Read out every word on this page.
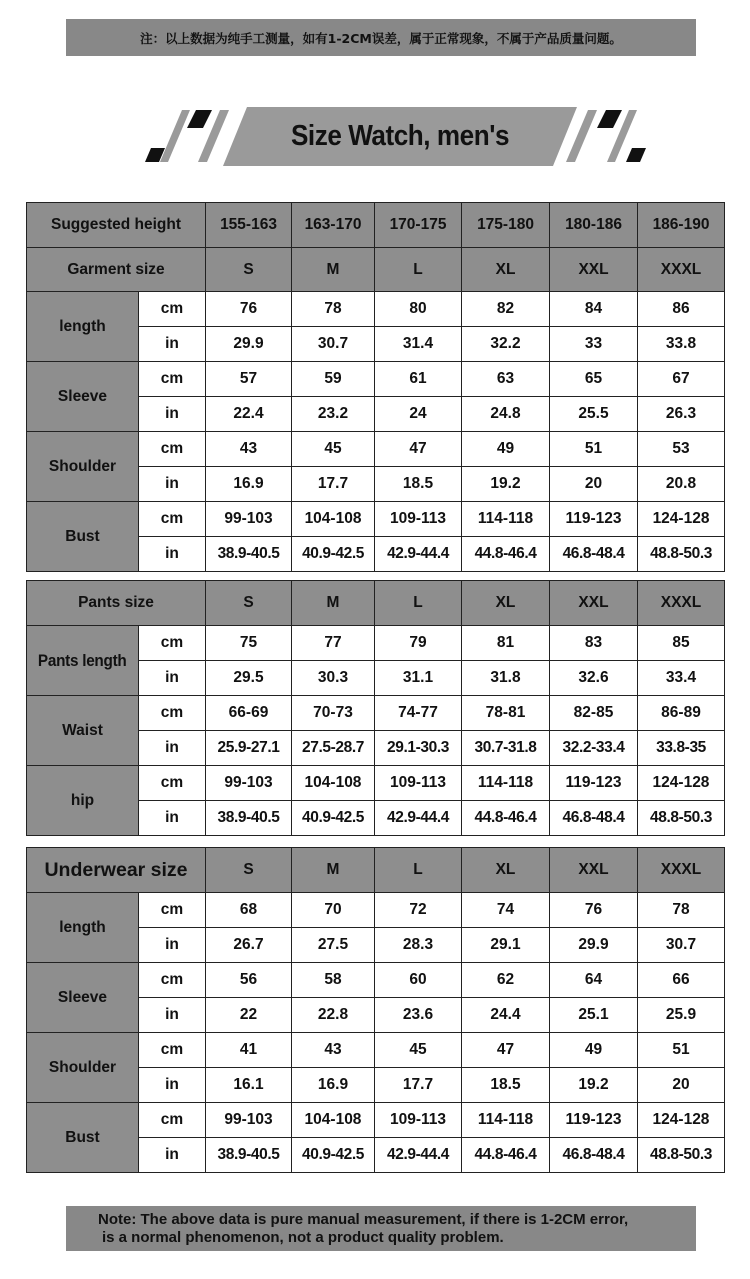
注：以上数据为纯手工测量，如有1-2CM误差，属于正常现象，不属于产品质量问题。
Size Watch, men's
Suggested height		155-163	163-170	170-175	175-180	180-186	186-190
Garment size		S	M	L	XL	XXL	XXXL
length	cm	76	78	80	82	84	86
	in	29.9	30.7	31.4	32.2	33	33.8
Sleeve	cm	57	59	61	63	65	67
	in	22.4	23.2	24	24.8	25.5	26.3
Shoulder	cm	43	45	47	49	51	53
	in	16.9	17.7	18.5	19.2	20	20.8
Bust	cm	99-103	104-108	109-113	114-118	119-123	124-128
	in	38.9-40.5	40.9-42.5	42.9-44.4	44.8-46.4	46.8-48.4	48.8-50.3
Pants size		S	M	L	XL	XXL	XXXL
Pants length	cm	75	77	79	81	83	85
	in	29.5	30.3	31.1	31.8	32.6	33.4
Waist	cm	66-69	70-73	74-77	78-81	82-85	86-89
	in	25.9-27.1	27.5-28.7	29.1-30.3	30.7-31.8	32.2-33.4	33.8-35
hip	cm	99-103	104-108	109-113	114-118	119-123	124-128
	in	38.9-40.5	40.9-42.5	42.9-44.4	44.8-46.4	46.8-48.4	48.8-50.3
Underwear size		S	M	L	XL	XXL	XXXL
length	cm	68	70	72	74	76	78
	in	26.7	27.5	28.3	29.1	29.9	30.7
Sleeve	cm	56	58	60	62	64	66
	in	22	22.8	23.6	24.4	25.1	25.9
Shoulder	cm	41	43	45	47	49	51
	in	16.1	16.9	17.7	18.5	19.2	20
Bust	cm	99-103	104-108	109-113	114-118	119-123	124-128
	in	38.9-40.5	40.9-42.5	42.9-44.4	44.8-46.4	46.8-48.4	48.8-50.3
Note: The above data is pure manual measurement, if there is 1-2CM error,
is a normal phenomenon, not a product quality problem.
